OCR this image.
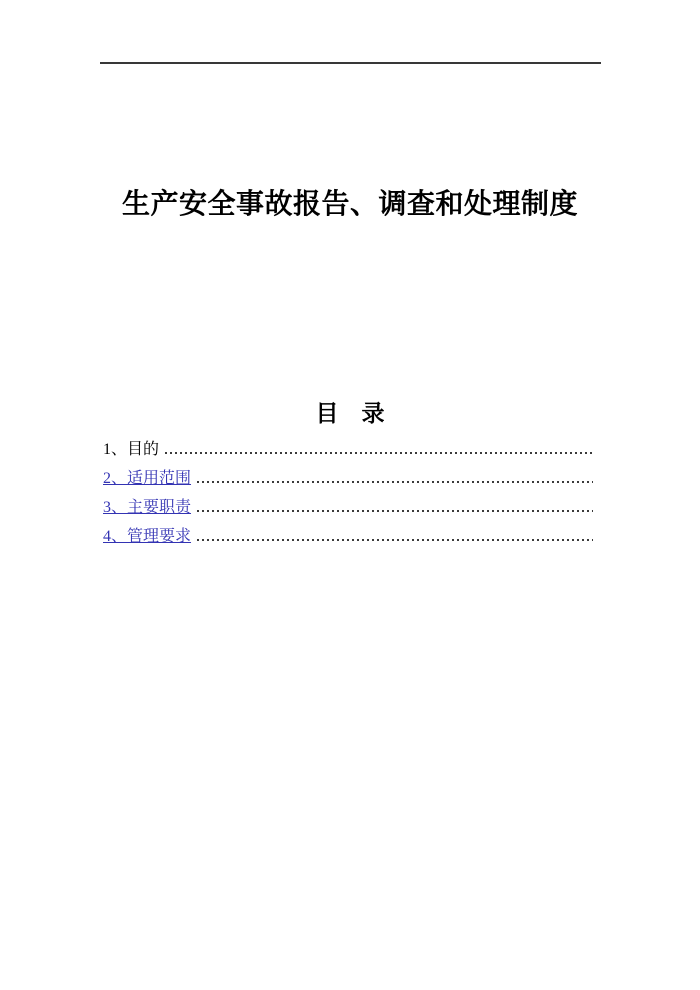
生产安全事故报告、调查和处理制度
目　录
1、目的
2、适用范围
3、主要职责
4、管理要求
